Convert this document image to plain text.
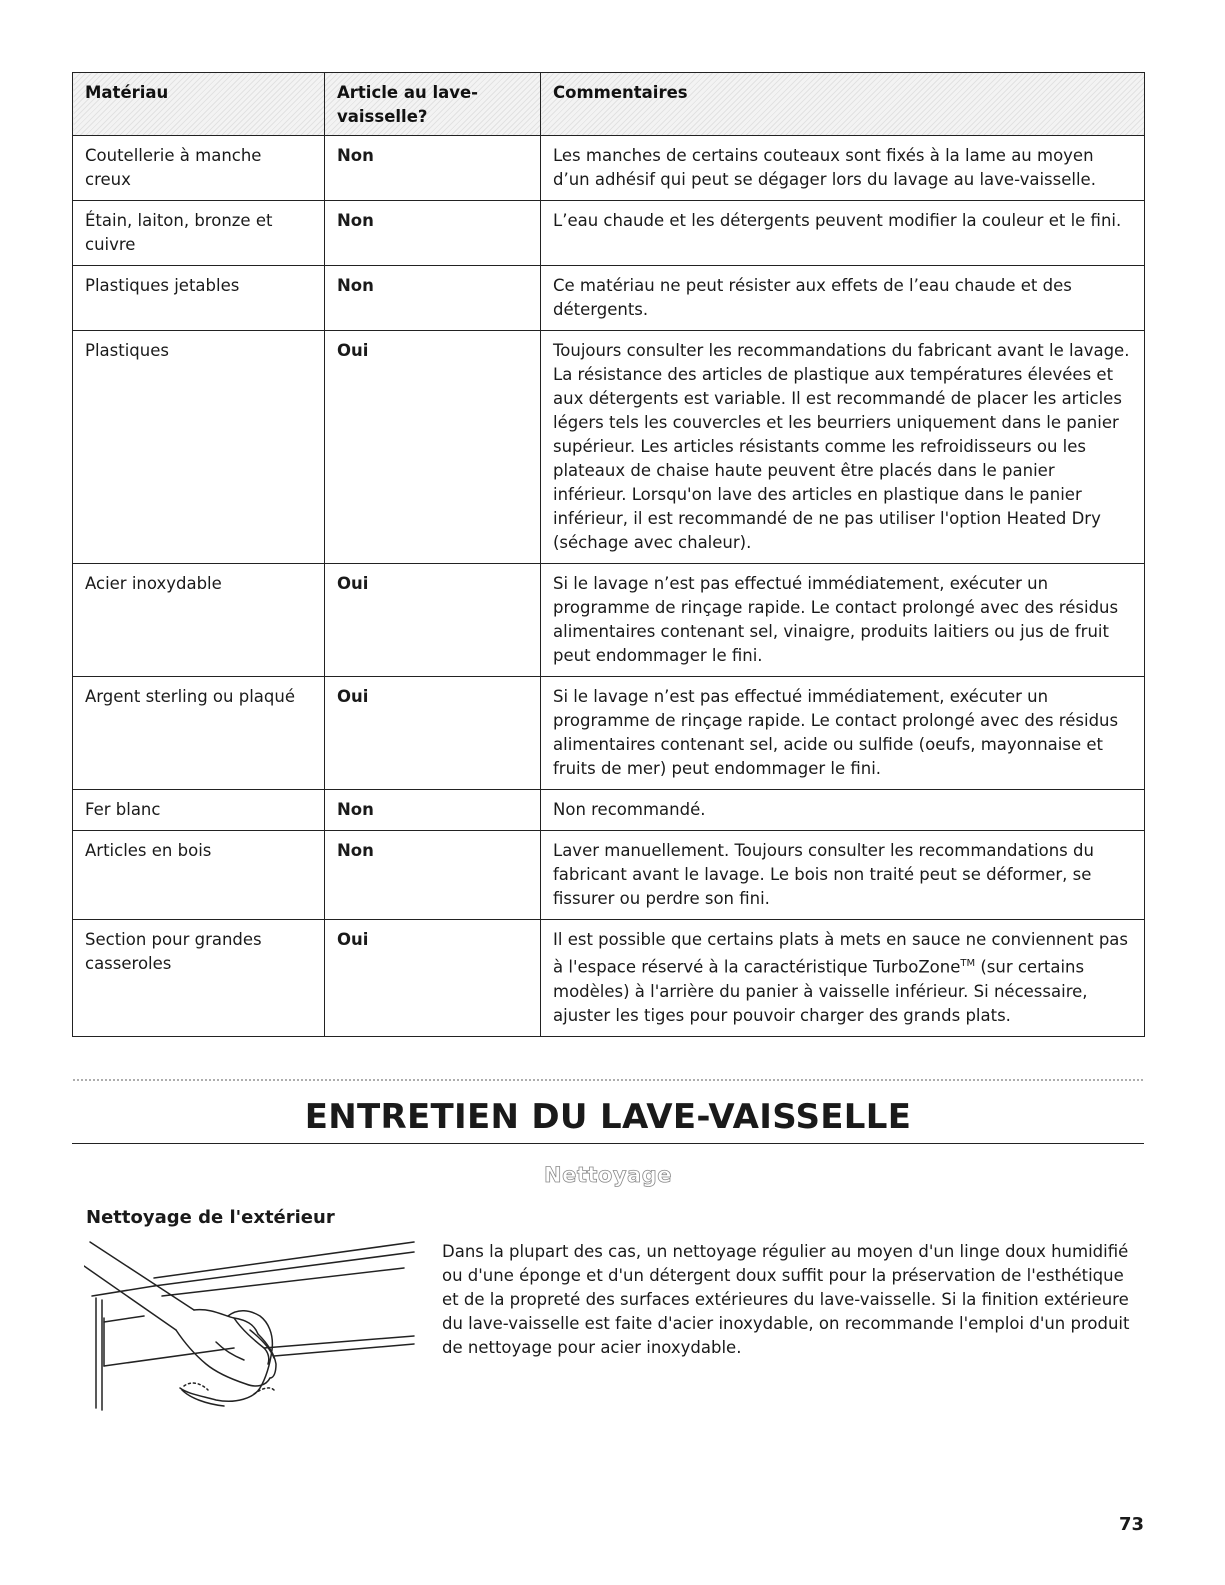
Matériau	Article au lave-vaisselle?	Commentaires
Coutellerie à manche creux	Non	Les manches de certains couteaux sont fixés à la lame au moyen d’un adhésif qui peut se dégager lors du lavage au lave-vaisselle.
Étain, laiton, bronze et cuivre	Non	L’eau chaude et les détergents peuvent modifier la couleur et le fini.
Plastiques jetables	Non	Ce matériau ne peut résister aux effets de l’eau chaude et des détergents.
Plastiques	Oui	Toujours consulter les recommandations du fabricant avant le lavage. La résistance des articles de plastique aux températures élevées et aux détergents est variable. Il est recommandé de placer les articles légers tels les couvercles et les beurriers uniquement dans le panier supérieur. Les articles résistants comme les refroidisseurs ou les plateaux de chaise haute peuvent être placés dans le panier inférieur. Lorsqu'on lave des articles en plastique dans le panier inférieur, il est recommandé de ne pas utiliser l'option Heated Dry (séchage avec chaleur).
Acier inoxydable	Oui	Si le lavage n’est pas effectué immédiatement, exécuter un programme de rinçage rapide. Le contact prolongé avec des résidus alimentaires contenant sel, vinaigre, produits laitiers ou jus de fruit peut endommager le fini.
Argent sterling ou plaqué	Oui	Si le lavage n’est pas effectué immédiatement, exécuter un programme de rinçage rapide. Le contact prolongé avec des résidus alimentaires contenant sel, acide ou sulfide (oeufs, mayonnaise et fruits de mer) peut endommager le fini.
Fer blanc	Non	Non recommandé.
Articles en bois	Non	Laver manuellement. Toujours consulter les recommandations du fabricant avant le lavage. Le bois non traité peut se déformer, se fissurer ou perdre son fini.
Section pour grandes casseroles	Oui	Il est possible que certains plats à mets en sauce ne conviennent pas à l'espace réservé à la caractéristique TurboZone™ (sur certains modèles) à l'arrière du panier à vaisselle inférieur. Si nécessaire, ajuster les tiges pour pouvoir charger des grands plats.
ENTRETIEN DU LAVE-VAISSELLE
Nettoyage
Nettoyage de l'extérieur

Dans la plupart des cas, un nettoyage régulier au moyen d'un linge doux humidifié ou d'une éponge et d'un détergent doux suffit pour la préservation de l'esthétique et de la propreté des surfaces extérieures du lave-vaisselle. Si la finition extérieure du lave-vaisselle est faite d'acier inoxydable, on recommande l'emploi d'un produit de nettoyage pour acier inoxydable.

73
